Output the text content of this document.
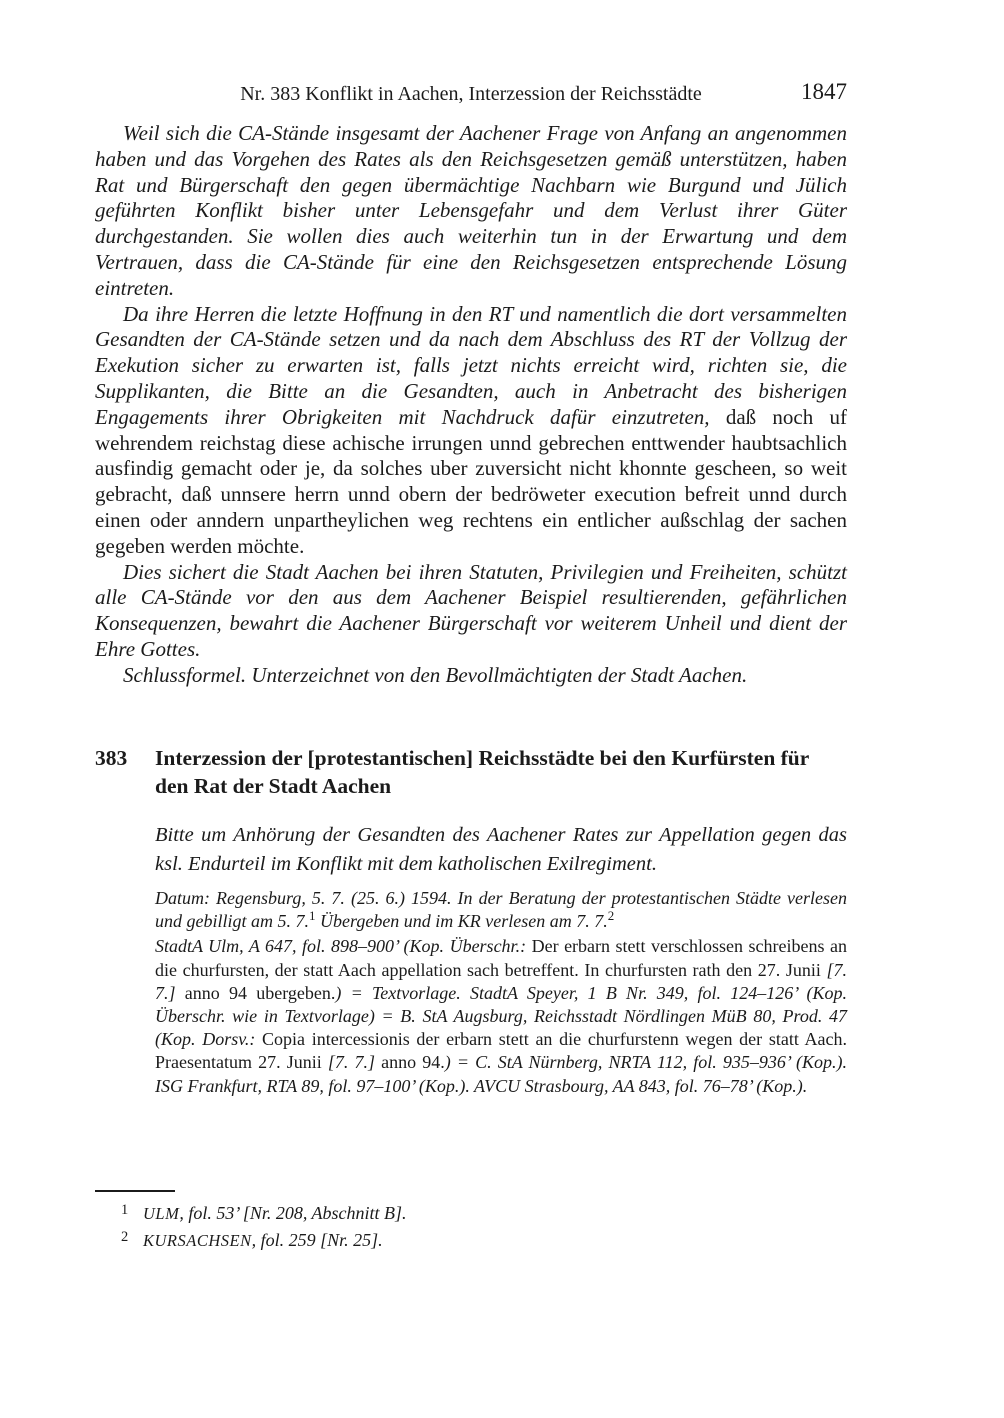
Nr. 383 Konflikt in Aachen, Interzession der Reichsstädte	1847

Weil sich die CA-Stände insgesamt der Aachener Frage von Anfang an angenommen haben und das Vorgehen des Rates als den Reichsgesetzen gemäß unterstützen, haben Rat und Bürgerschaft den gegen übermächtige Nachbarn wie Burgund und Jülich geführten Konflikt bisher unter Lebensgefahr und dem Verlust ihrer Güter durchgestanden. Sie wollen dies auch weiterhin tun in der Erwartung und dem Vertrauen, dass die CA-Stände für eine den Reichsgesetzen entsprechende Lösung eintreten.

Da ihre Herren die letzte Hoffnung in den RT und namentlich die dort versammelten Gesandten der CA-Stände setzen und da nach dem Abschluss des RT der Vollzug der Exekution sicher zu erwarten ist, falls jetzt nichts erreicht wird, richten sie, die Supplikanten, die Bitte an die Gesandten, auch in Anbetracht des bisherigen Engagements ihrer Obrigkeiten mit Nachdruck dafür einzutreten, daß noch uf wehrendem reichstag diese achische irrungen unnd gebrechen enttwender haubtsachlich ausfindig gemacht oder je, da solches uber zuversicht nicht khonnte gescheen, so weit gebracht, daß unnsere herrn unnd obern der bedröweter execution befreit unnd durch einen oder anndern unpartheylichen weg rechtens ein entlicher außschlag der sachen gegeben werden möchte.

Dies sichert die Stadt Aachen bei ihren Statuten, Privilegien und Freiheiten, schützt alle CA-Stände vor den aus dem Aachener Beispiel resultierenden, gefährlichen Konsequenzen, bewahrt die Aachener Bürgerschaft vor weiterem Unheil und dient der Ehre Gottes.

Schlussformel. Unterzeichnet von den Bevollmächtigten der Stadt Aachen.

383	Interzession der [protestantischen] Reichsstädte bei den Kurfürsten für den Rat der Stadt Aachen

Bitte um Anhörung der Gesandten des Aachener Rates zur Appellation gegen das ksl. Endurteil im Konflikt mit dem katholischen Exilregiment.

Datum: Regensburg, 5. 7. (25. 6.) 1594. In der Beratung der protestantischen Städte verlesen und gebilligt am 5. 7.$^1$ Übergeben und im KR verlesen am 7. 7.$^2$

StadtA Ulm, A 647, fol. 898–900’ (Kop. Überschr.: Der erbarn stett verschlossen schreibens an die churfursten, der statt Aach appellation sach betreffent. In churfursten rath den 27. Junii [7. 7.] anno 94 ubergeben.) = Textvorlage. StadtA Speyer, 1 B Nr. 349, fol. 124–126’ (Kop. Überschr. wie in Textvorlage) = B. StA Augsburg, Reichsstadt Nördlingen MüB 80, Prod. 47 (Kop. Dorsv.: Copia intercessionis der erbarn stett an die churfurstenn wegen der statt Aach. Praesentatum 27. Junii [7. 7.] anno 94.) = C. StA Nürnberg, NRTA 112, fol. 935–936’ (Kop.). ISG Frankfurt, RTA 89, fol. 97–100’ (Kop.). AVCU Strasbourg, AA 843, fol. 76–78’ (Kop.).

1 ULM, fol. 53’ [Nr. 208, Abschnitt B].
2 KURSACHSEN, fol. 259 [Nr. 25].
